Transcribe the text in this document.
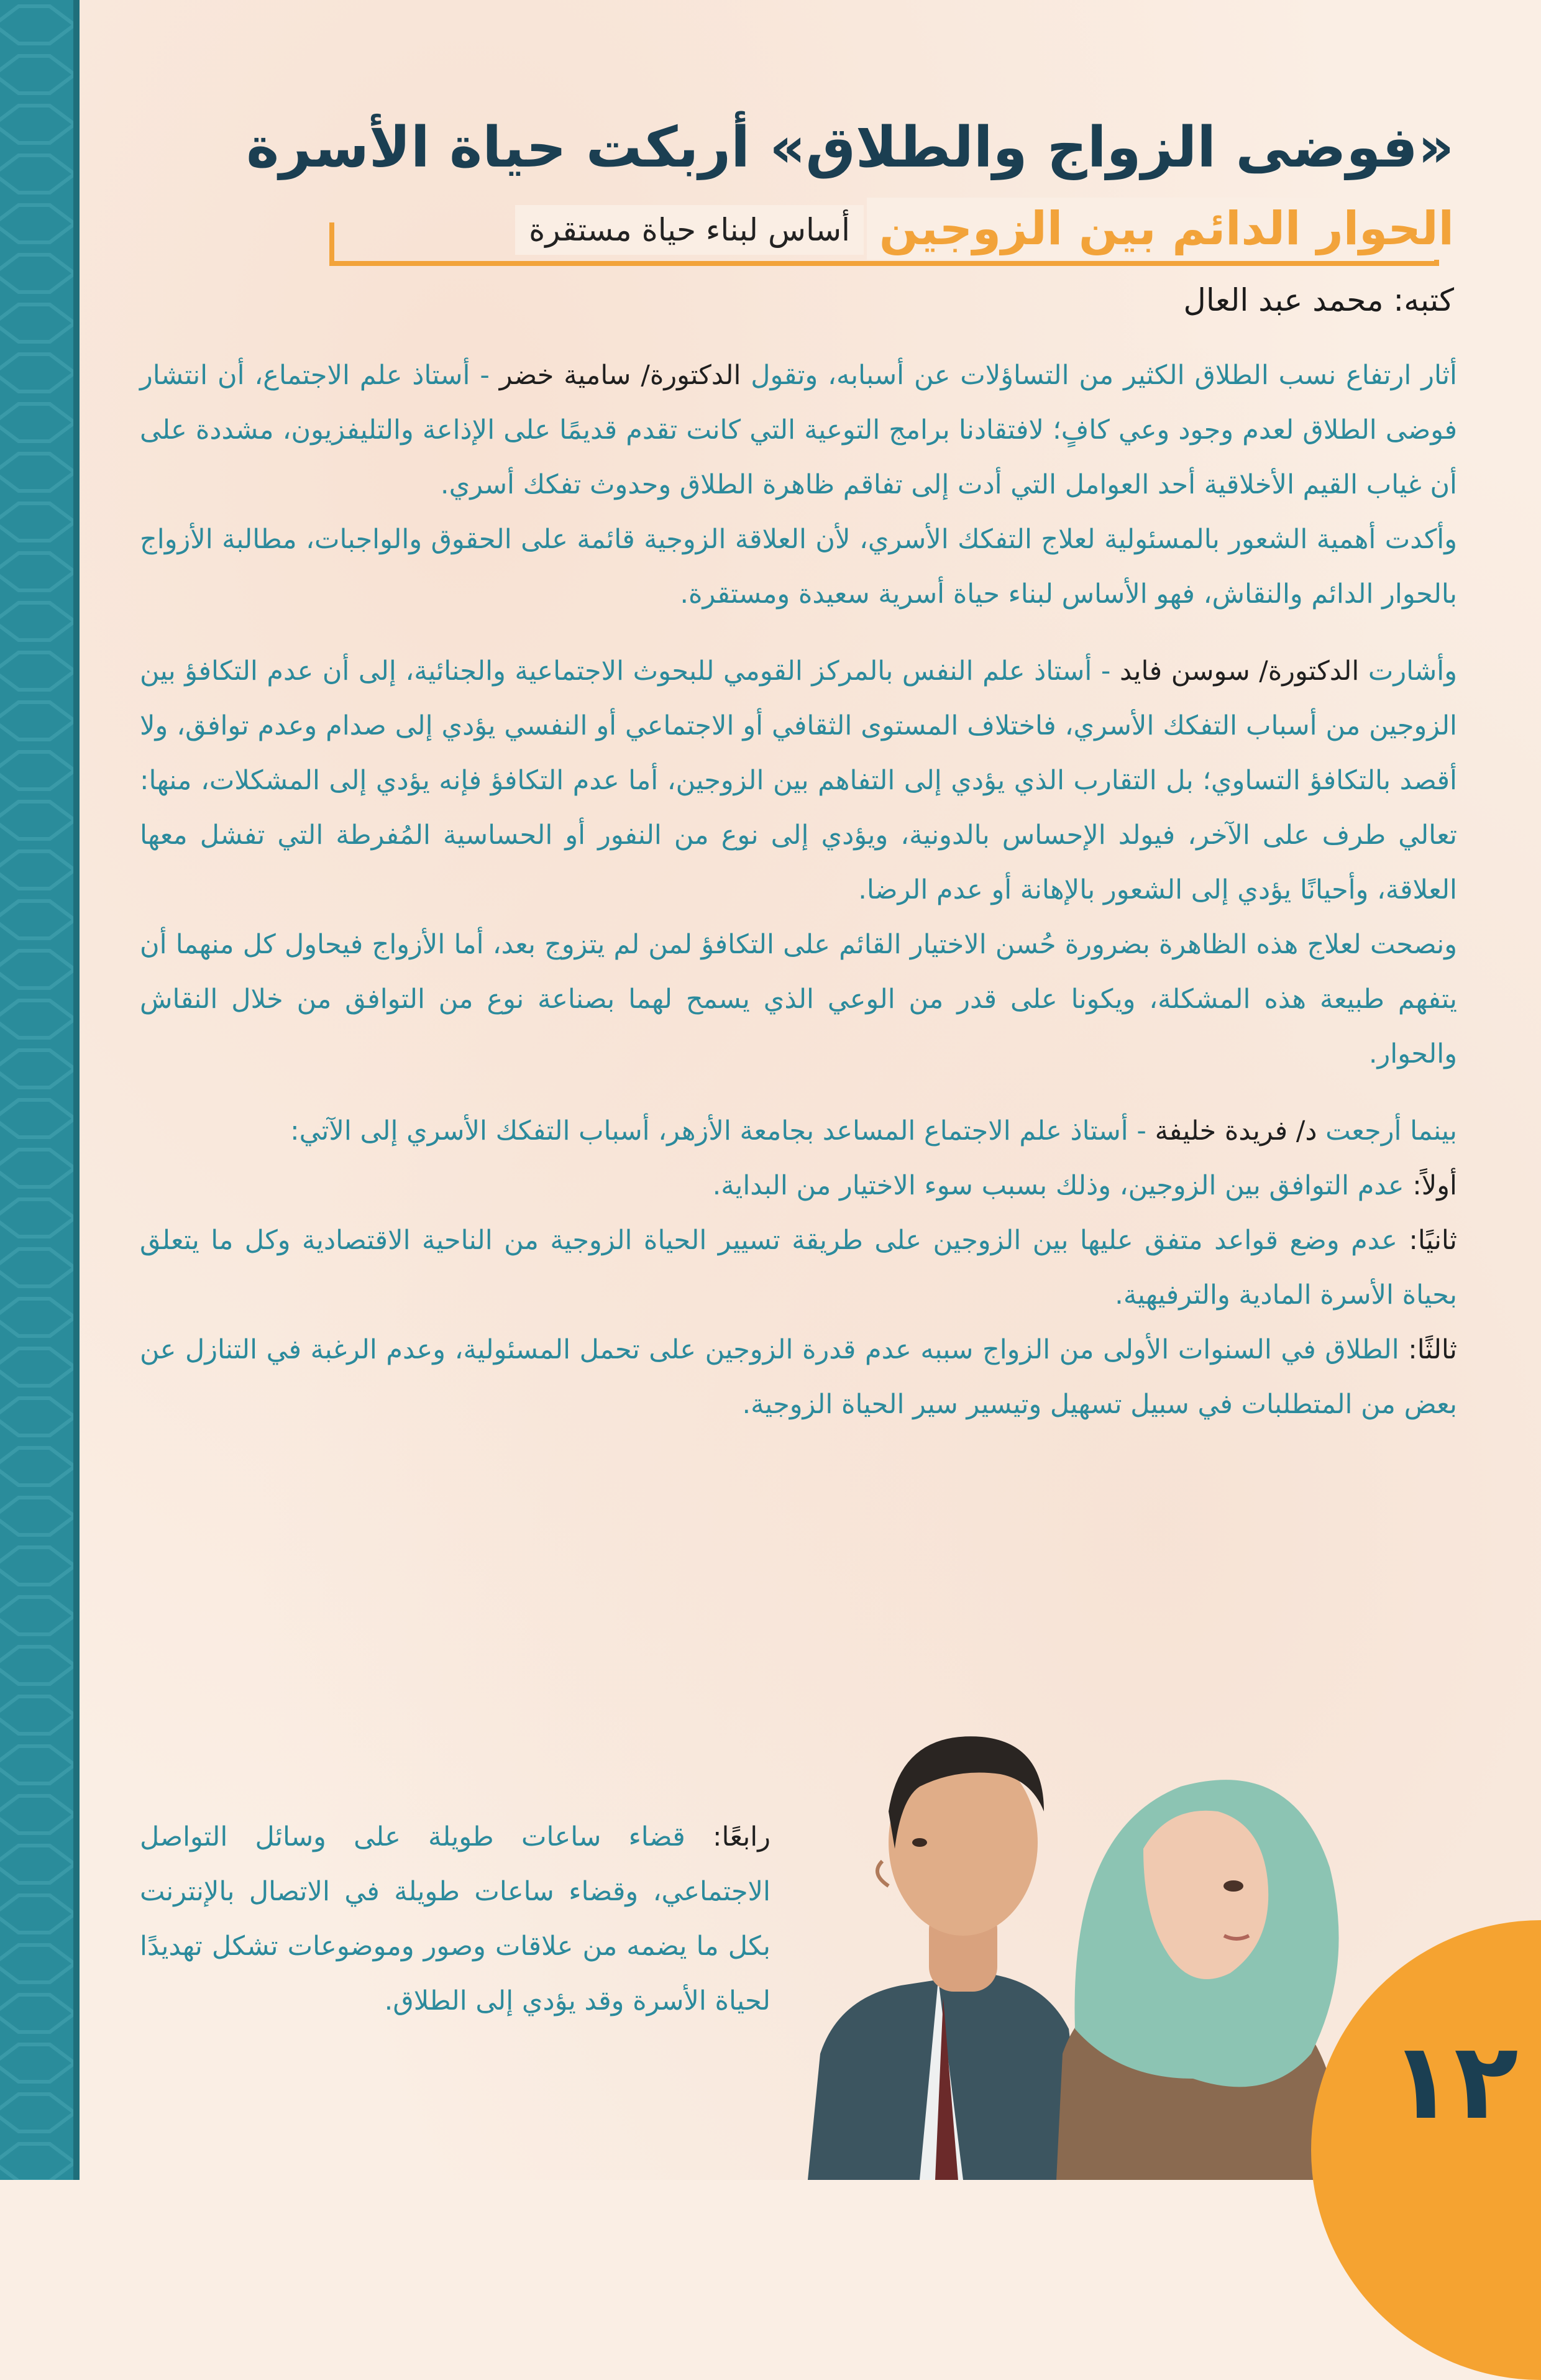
«فوضى الزواج والطلاق» أربكت حياة الأسرة
الحوار الدائم بين الزوجين
أساس لبناء حياة مستقرة
كتبه: محمد عبد العال

أثار ارتفاع نسب الطلاق الكثير من التساؤلات عن أسبابه، وتقول الدكتورة/ سامية خضر - أستاذ علم الاجتماع، أن انتشار فوضى الطلاق لعدم وجود وعي كافٍ؛ لافتقادنا برامج التوعية التي كانت تقدم قديمًا على الإذاعة والتليفزيون، مشددة على أن غياب القيم الأخلاقية أحد العوامل التي أدت إلى تفاقم ظاهرة الطلاق وحدوث تفكك أسري.

وأكدت أهمية الشعور بالمسئولية لعلاج التفكك الأسري، لأن العلاقة الزوجية قائمة على الحقوق والواجبات، مطالبة الأزواج بالحوار الدائم والنقاش، فهو الأساس لبناء حياة أسرية سعيدة ومستقرة.

وأشارت الدكتورة/ سوسن فايد - أستاذ علم النفس بالمركز القومي للبحوث الاجتماعية والجنائية، إلى أن عدم التكافؤ بين الزوجين من أسباب التفكك الأسري، فاختلاف المستوى الثقافي أو الاجتماعي أو النفسي يؤدي إلى صدام وعدم توافق، ولا أقصد بالتكافؤ التساوي؛ بل التقارب الذي يؤدي إلى التفاهم بين الزوجين، أما عدم التكافؤ فإنه يؤدي إلى المشكلات، منها: تعالي طرف على الآخر، فيولد الإحساس بالدونية، ويؤدي إلى نوع من النفور أو الحساسية المُفرطة التي تفشل معها العلاقة، وأحيانًا يؤدي إلى الشعور بالإهانة أو عدم الرضا.

ونصحت لعلاج هذه الظاهرة بضرورة حُسن الاختيار القائم على التكافؤ لمن لم يتزوج بعد، أما الأزواج فيحاول كل منهما أن يتفهم طبيعة هذه المشكلة، ويكونا على قدر من الوعي الذي يسمح لهما بصناعة نوع من التوافق من خلال النقاش والحوار.

بينما أرجعت د/ فريدة خليفة - أستاذ علم الاجتماع المساعد بجامعة الأزهر، أسباب التفكك الأسري إلى الآتي:

أولاً: عدم التوافق بين الزوجين، وذلك بسبب سوء الاختيار من البداية.

ثانيًا: عدم وضع قواعد متفق عليها بين الزوجين على طريقة تسيير الحياة الزوجية من الناحية الاقتصادية وكل ما يتعلق بحياة الأسرة المادية والترفيهية.

ثالثًا: الطلاق في السنوات الأولى من الزواج سببه عدم قدرة الزوجين على تحمل المسئولية، وعدم الرغبة في التنازل عن بعض من المتطلبات في سبيل تسهيل وتيسير سير الحياة الزوجية.

رابعًا: قضاء ساعات طويلة على وسائل التواصل الاجتماعي، وقضاء ساعات طويلة في الاتصال بالإنترنت بكل ما يضمه من علاقات وصور وموضوعات تشكل تهديدًا لحياة الأسرة وقد يؤدي إلى الطلاق.

١٢
